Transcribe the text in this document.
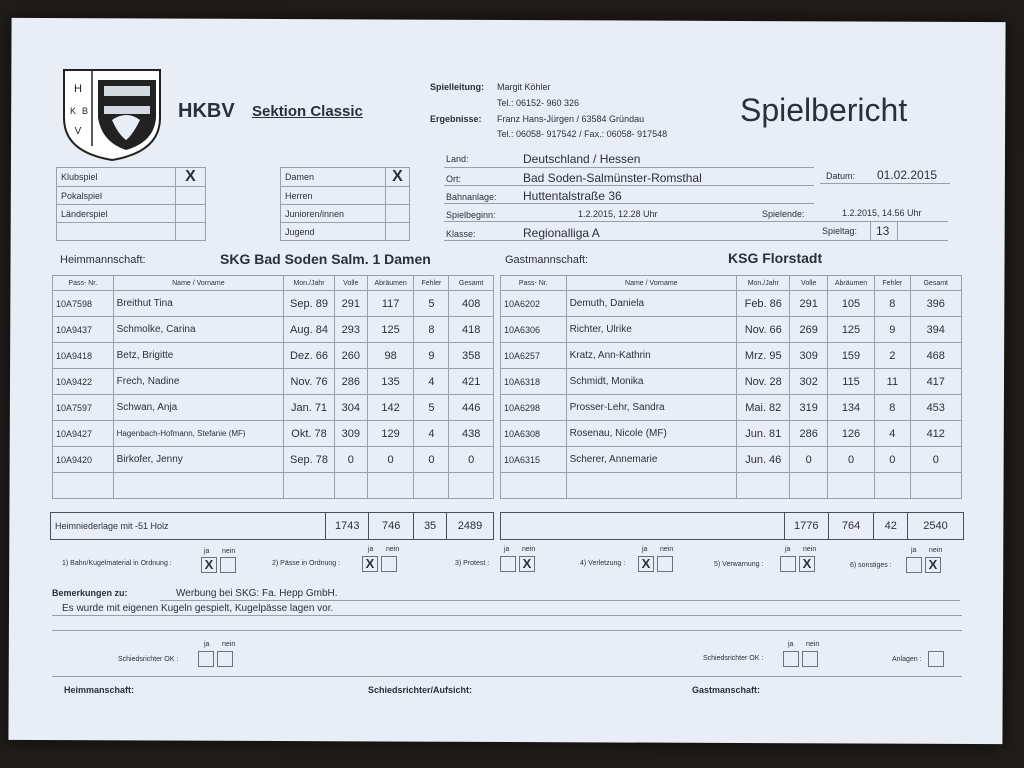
H
K B
V
HKBV Sektion Classic	Spielbericht
Spielleitung: Margit Köhler
Tel.: 06152- 960 326
Ergebnisse: Franz Hans-Jürgen / 63584 Gründau
Tel.: 06058- 917542 / Fax.: 06058- 917548
Klubspiel	X
Pokalspiel	
Länderspiel	

Damen	X
Herren	
Junioren/innen	
Jugend	
Land:	Deutschland / Hessen
Ort:	Bad Soden-Salmünster-Romsthal	Datum: 01.02.2015
Bahnanlage: Huttentalstraße 36
Spielbeginn:	1.2.2015, 12.28 Uhr	Spielende:	1.2.2015, 14.56 Uhr
Klasse:	Regionalliga A	Spieltag: 13
Heimmannschaft:	SKG Bad Soden Salm. 1 Damen	Gastmannschaft:	KSG Florstadt
Pass- Nr.	Name / Vorname	Mon./Jahr	Volle	Abräumen	Fehler	Gesamt
10A7598	Breithut Tina	Sep. 89	291	117	5	408
10A9437	Schmolke, Carina	Aug. 84	293	125	8	418
10A9418	Betz, Brigitte	Dez. 66	260	98	9	358
10A9422	Frech, Nadine	Nov. 76	286	135	4	421
10A7597	Schwan, Anja	Jan. 71	304	142	5	446
10A9427	Hagenbach-Hofmann, Stefanie (MF)	Okt. 78	309	129	4	438
10A9420	Birkofer, Jenny	Sep. 78	0	0	0	0

Pass- Nr.	Name / Vorname	Mon./Jahr	Volle	Abräumen	Fehler	Gesamt
10A6202	Demuth, Daniela	Feb. 86	291	105	8	396
10A6306	Richter, Ulrike	Nov. 66	269	125	9	394
10A6257	Kratz, Ann-Kathrin	Mrz. 95	309	159	2	468
10A6318	Schmidt, Monika	Nov. 28	302	115	11	417
10A6298	Prosser-Lehr, Sandra	Mai. 82	319	134	8	453
10A6308	Rosenau, Nicole (MF)	Jun. 81	286	126	4	412
10A6315	Scherer, Annemarie	Jun. 46	0	0	0	0

Heimniederlage mit -51 Holz	1743	746	35	2489
		1776	764	42	2540
1) Bahn/Kugelmaterial in Ordnung :
ja nein
X	2) Pässe in Ordnung :
ja nein
X	3) Protest :
ja nein
X	4) Verletzung :
ja nein
X	5) Verwarnung :
ja nein
X	6) sonstiges :
ja nein
X
Bemerkungen zu:	Werbung bei SKG: Fa. Hepp GmbH.
Es wurde mit eigenen Kugeln gespielt, Kugelpässe lagen vor.
Schiedsrichter OK :
ja nein
Schiedsrichter OK :
ja nein
Anlagen :
Heimmanschaft:	Schiedsrichter/Aufsicht:	Gastmanschaft:
